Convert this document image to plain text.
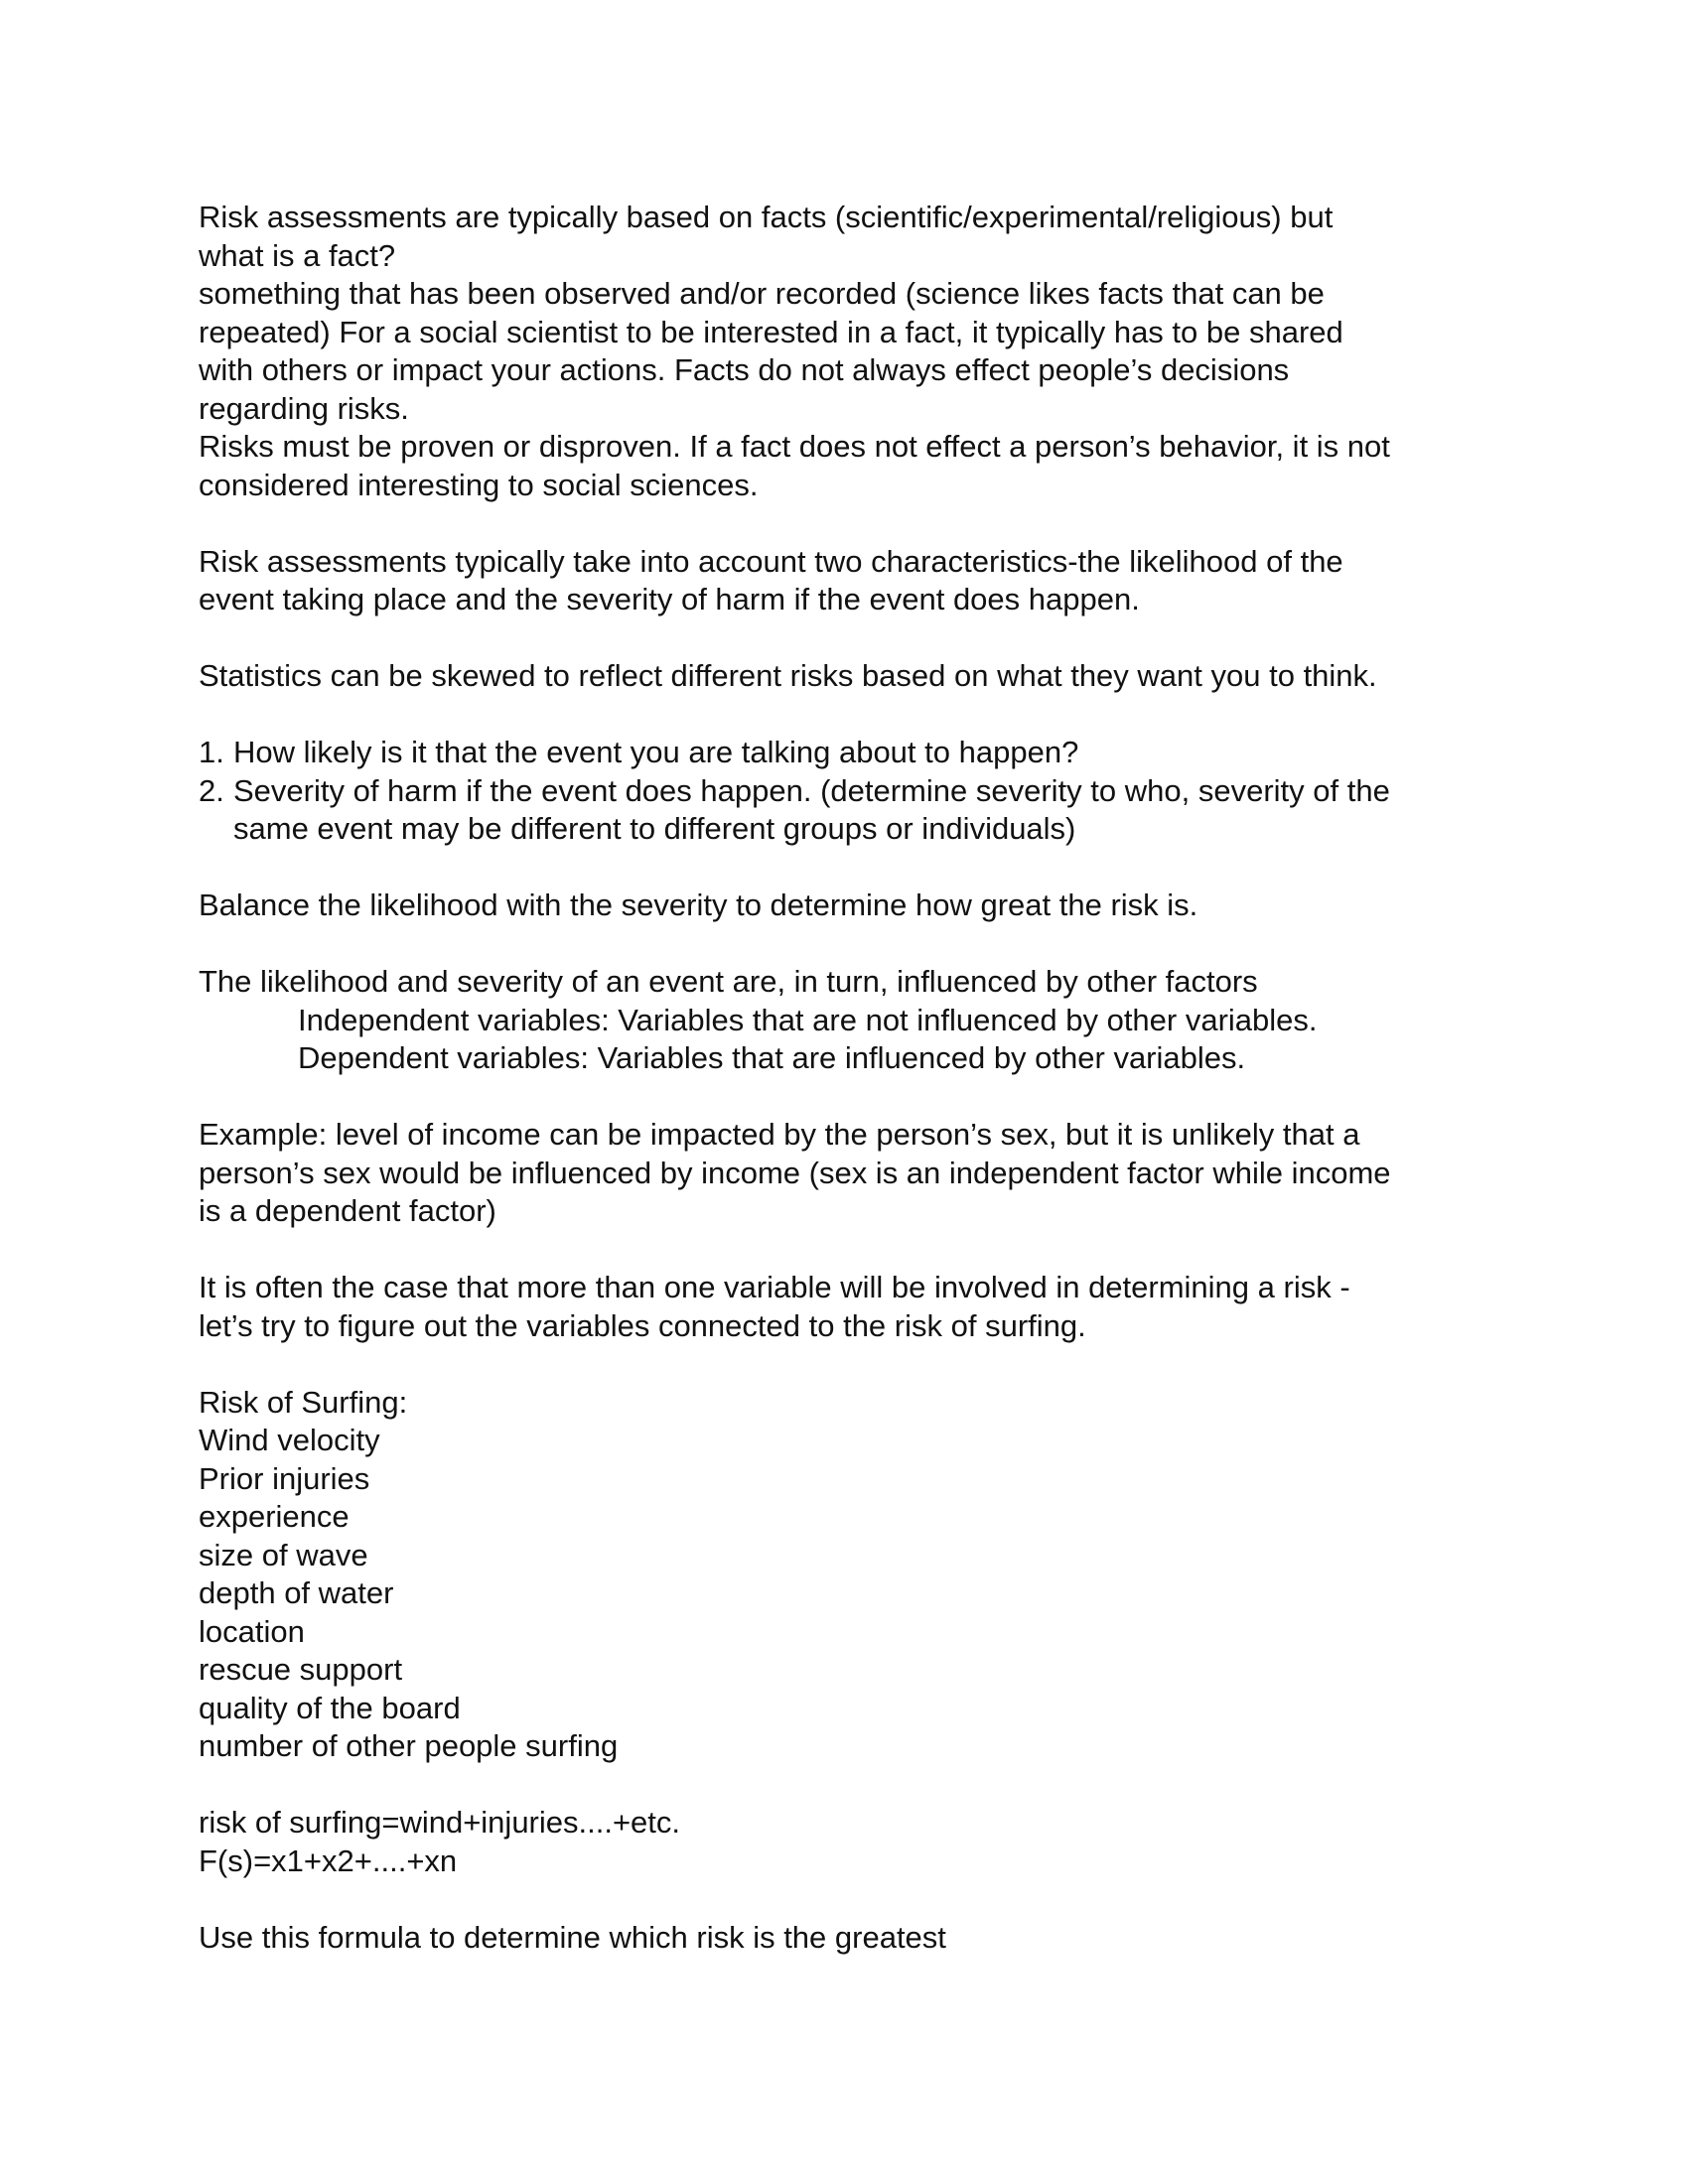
Risk assessments are typically based on facts (scientific/experimental/religious) but

what is a fact?

something that has been observed and/or recorded (science likes facts that can be

repeated) For a social scientist to be interested in a fact, it typically has to be shared

with others or impact your actions. Facts do not always effect people’s decisions

regarding risks.

Risks must be proven or disproven. If a fact does not effect a person’s behavior, it is not

considered interesting to social sciences.

Risk assessments typically take into account two characteristics-the likelihood of the

event taking place and the severity of harm if the event does happen.

Statistics can be skewed to reflect different risks based on what they want you to think.

1. How likely is it that the event you are talking about to happen?
2. Severity of harm if the event does happen. (determine severity to who, severity of the
same event may be different to different groups or individuals)

Balance the likelihood with the severity to determine how great the risk is.

The likelihood and severity of an event are, in turn, influenced by other factors

Independent variables: Variables that are not influenced by other variables.

Dependent variables: Variables that are influenced by other variables.

Example: level of income can be impacted by the person’s sex, but it is unlikely that a

person’s sex would be influenced by income (sex is an independent factor while income

is a dependent factor)

It is often the case that more than one variable will be involved in determining a risk -

let’s try to figure out the variables connected to the risk of surfing.

Risk of Surfing:

Wind velocity

Prior injuries

experience

size of wave

depth of water

location

rescue support

quality of the board

number of other people surfing

risk of surfing=wind+injuries....+etc.

F(s)=x1+x2+....+xn

Use this formula to determine which risk is the greatest
